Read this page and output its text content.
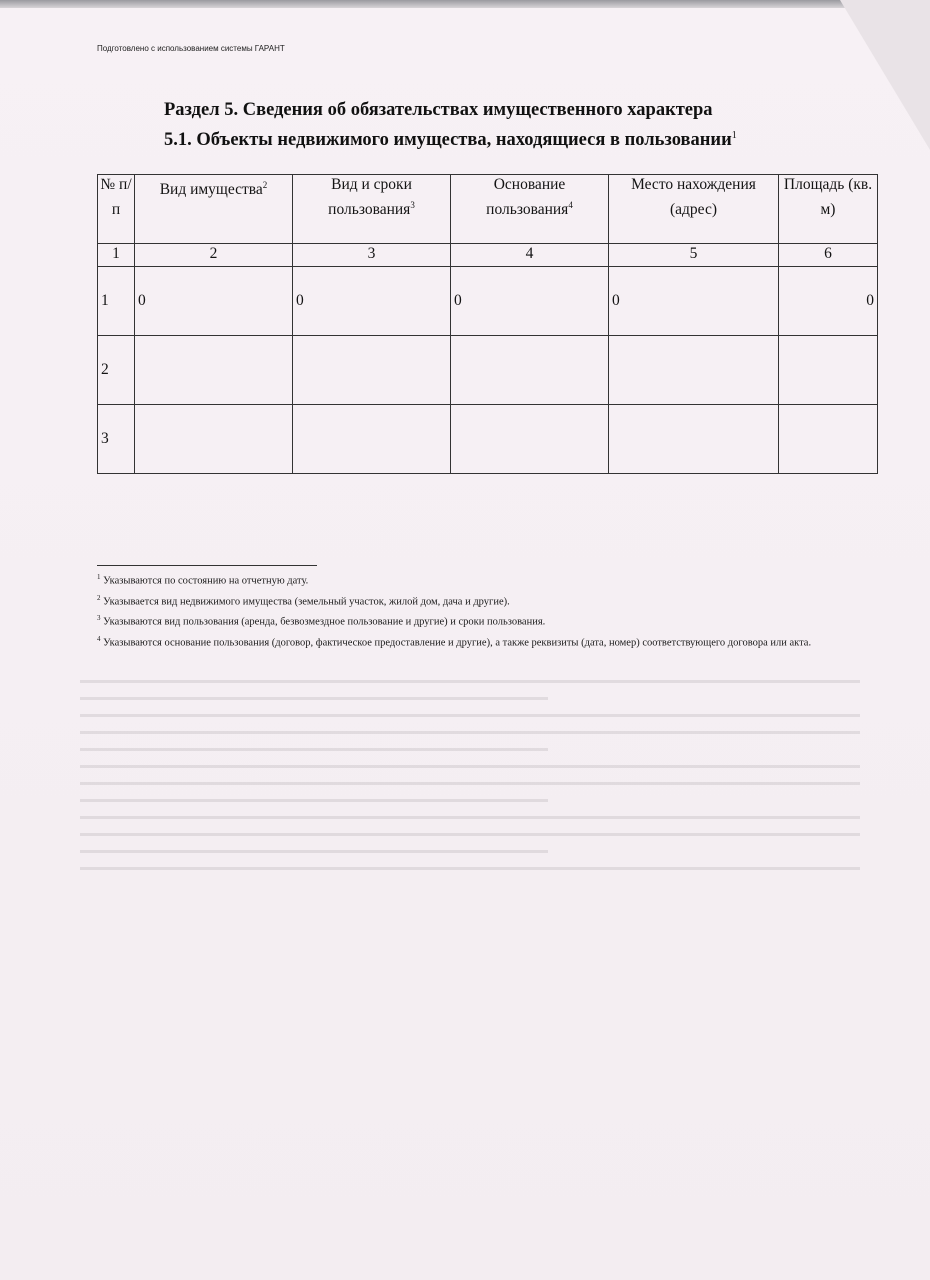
Подготовлено с использованием системы ГАРАНТ
Раздел 5. Сведения об обязательствах имущественного характера
5.1. Объекты недвижимого имущества, находящиеся в пользовании$^1$
№ п/п	Вид имущества$^2$	Вид и сроки пользования$^3$	Основание пользования$^4$	Место нахождения (адрес)	Площадь (кв. м)
1	2	3	4	5	6

1	0	0	0	0	0

2					

3					

$^1$ Указываются по состоянию на отчетную дату.

$^2$ Указывается вид недвижимого имущества (земельный участок, жилой дом, дача и другие).

$^3$ Указываются вид пользования (аренда, безвозмездное пользование и другие) и сроки пользования.

$^4$ Указываются основание пользования (договор, фактическое предоставление и другие), а также реквизиты (дата, номер) соответствующего договора или акта.
